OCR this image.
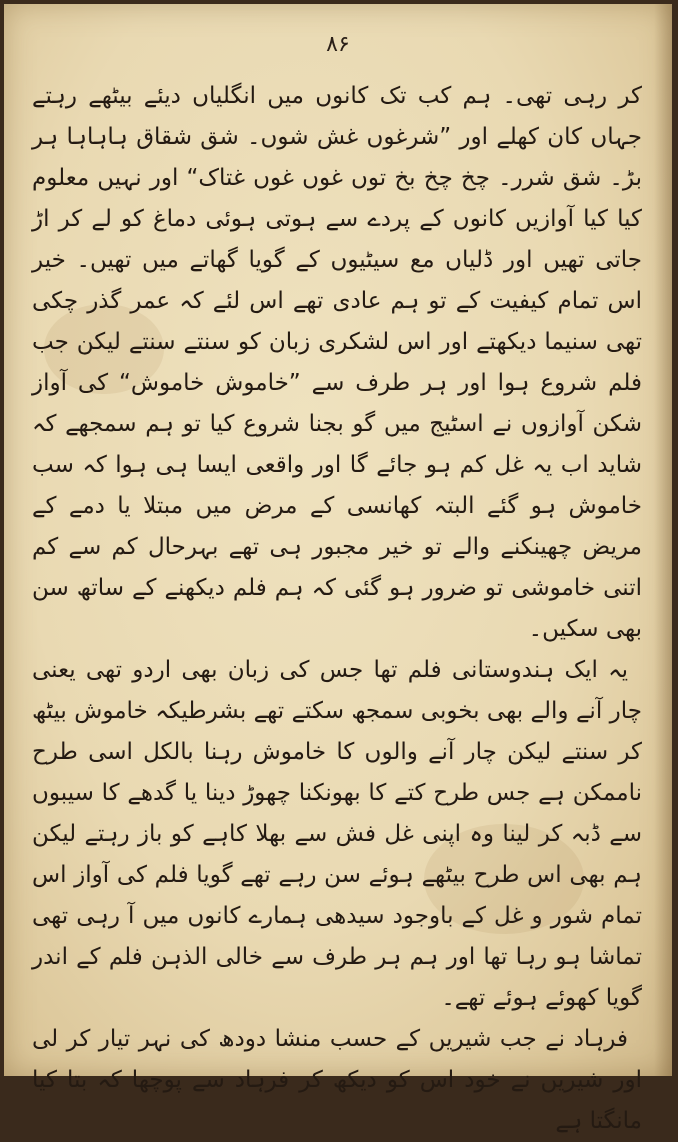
۸۶

کر رہی تھی۔ ہم کب تک کانوں میں انگلیاں دیئے بیٹھے رہتے جہاں کان کھلے اور ”شرغوں غش شوں۔ شق شقاق ہاہاہا ہر بڑ۔ شق شرر۔ چخ چخ بخ توں غوں غوں غتاک“ اور نہیں معلوم کیا کیا آوازیں کانوں کے پردے سے ہوتی ہوئی دماغ کو لے کر اڑ جاتی تھیں اور ڈلیاں مع سیٹیوں کے گویا گھاتے میں تھیں۔ خیر اس تمام کیفیت کے تو ہم عادی تھے اس لئے کہ عمر گذر چکی تھی سنیما دیکھتے اور اس لشکری زبان کو سنتے سنتے لیکن جب فلم شروع ہوا اور ہر طرف سے ”خاموش خاموش“ کی آواز شکن آوازوں نے اسٹیج میں گو بجنا شروع کیا تو ہم سمجھے کہ شاید اب یہ غل کم ہو جائے گا اور واقعی ایسا ہی ہوا کہ سب خاموش ہو گئے البتہ کھانسی کے مرض میں مبتلا یا دمے کے مریض چھینکنے والے تو خیر مجبور ہی تھے بہرحال کم سے کم اتنی خاموشی تو ضرور ہو گئی کہ ہم فلم دیکھنے کے ساتھ سن بھی سکیں۔

یہ ایک ہندوستانی فلم تھا جس کی زبان بھی اردو تھی یعنی چار آنے والے بھی بخوبی سمجھ سکتے تھے بشرطیکہ خاموش بیٹھ کر سنتے لیکن چار آنے والوں کا خاموش رہنا بالکل اسی طرح ناممکن ہے جس طرح کتے کا بھونکنا چھوڑ دینا یا گدھے کا سیبوں سے ڈبہ کر لینا وہ اپنی غل فش سے بھلا کاہے کو باز رہتے لیکن ہم بھی اس طرح بیٹھے ہوئے سن رہے تھے گویا فلم کی آواز اس تمام شور و غل کے باوجود سیدھی ہمارے کانوں میں آ رہی تھی تماشا ہو رہا تھا اور ہم ہر طرف سے خالی الذہن فلم کے اندر گویا کھوئے ہوئے تھے۔

فرہاد نے جب شیریں کے حسب منشا دودھ کی نہر تیار کر لی اور شیریں نے خود اس کو دیکھ کر فرہاد سے پوچھا کہ بتا کیا مانگتا ہے
